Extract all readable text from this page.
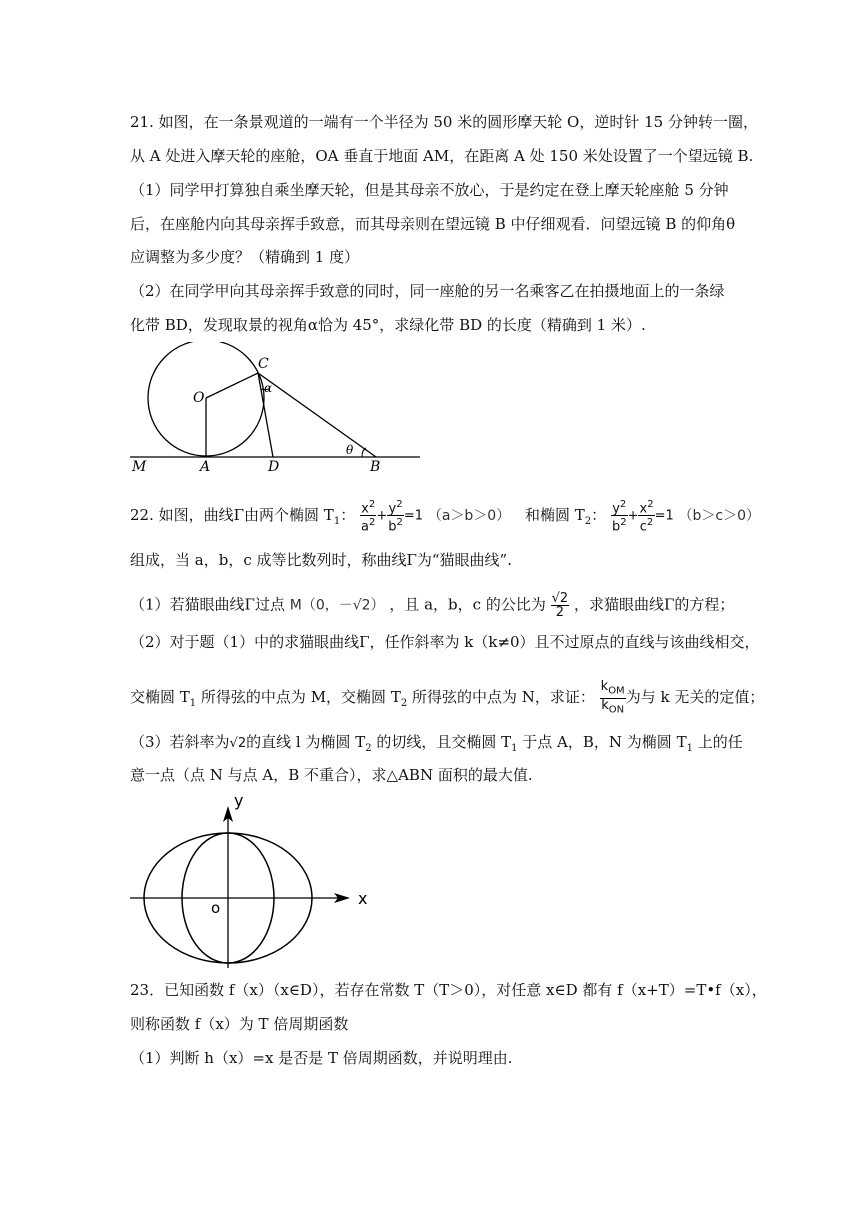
21. 如图，在一条景观道的一端有一个半径为 50 米的圆形摩天轮 O，逆时针 15 分钟转一圈，
从 A 处进入摩天轮的座舱，OA 垂直于地面 AM，在距离 A 处 150 米处设置了一个望远镜 B.
（1）同学甲打算独自乘坐摩天轮，但是其母亲不放心，于是约定在登上摩天轮座舱 5 分钟
后，在座舱内向其母亲挥手致意，而其母亲则在望远镜 B 中仔细观看．问望远镜 B 的仰角θ
应调整为多少度？（精确到 1 度）
（2）在同学甲向其母亲挥手致意的同时，同一座舱的另一名乘客乙在拍摄地面上的一条绿
化带 BD，发现取景的视角α恰为 45°，求绿化带 BD 的长度（精确到 1 米）.
O
C
α
θ
M	A	D	B
22. 如图，曲线Γ由两个椭圆 $T_1$： $\frac{x^2}{a^2} + \frac{y^2}{b^2} =1$ （a＞b＞0） 和椭圆 $T_2$： $\frac{y^2}{b^2} + \frac{x^2}{c^2} =1$ （b＞c＞0）
组成，当 a，b，c 成等比数列时，称曲线Γ为“猫眼曲线”.
（1）若猫眼曲线Γ过点 M（0，－√2） ，且 a，b，c 的公比为 $\frac{√2}{2}$ ，求猫眼曲线Γ的方程；
（2）对于题（1）中的求猫眼曲线Γ，任作斜率为 k（k≠0）且不过原点的直线与该曲线相交，
交椭圆 $T_1$ 所得弦的中点为 M，交椭圆 $T_2$ 所得弦的中点为 N，求证： $\frac{k_{OM}}{k_{ON}}$ 为与 k 无关的定值；
（3）若斜率为√2的直线 l 为椭圆 $T_2$ 的切线，且交椭圆 $T_1$ 于点 A，B，N 为椭圆 $T_1$ 上的任
意一点（点 N 与点 A，B 不重合），求△ABN 面积的最大值.
y
x
o
23．已知函数 f（x）（x∈D），若存在常数 T（T＞0），对任意 x∈D 都有 f（x+T）=T•f（x），
则称函数 f（x）为 T 倍周期函数
（1）判断 h（x）=x 是否是 T 倍周期函数，并说明理由.
